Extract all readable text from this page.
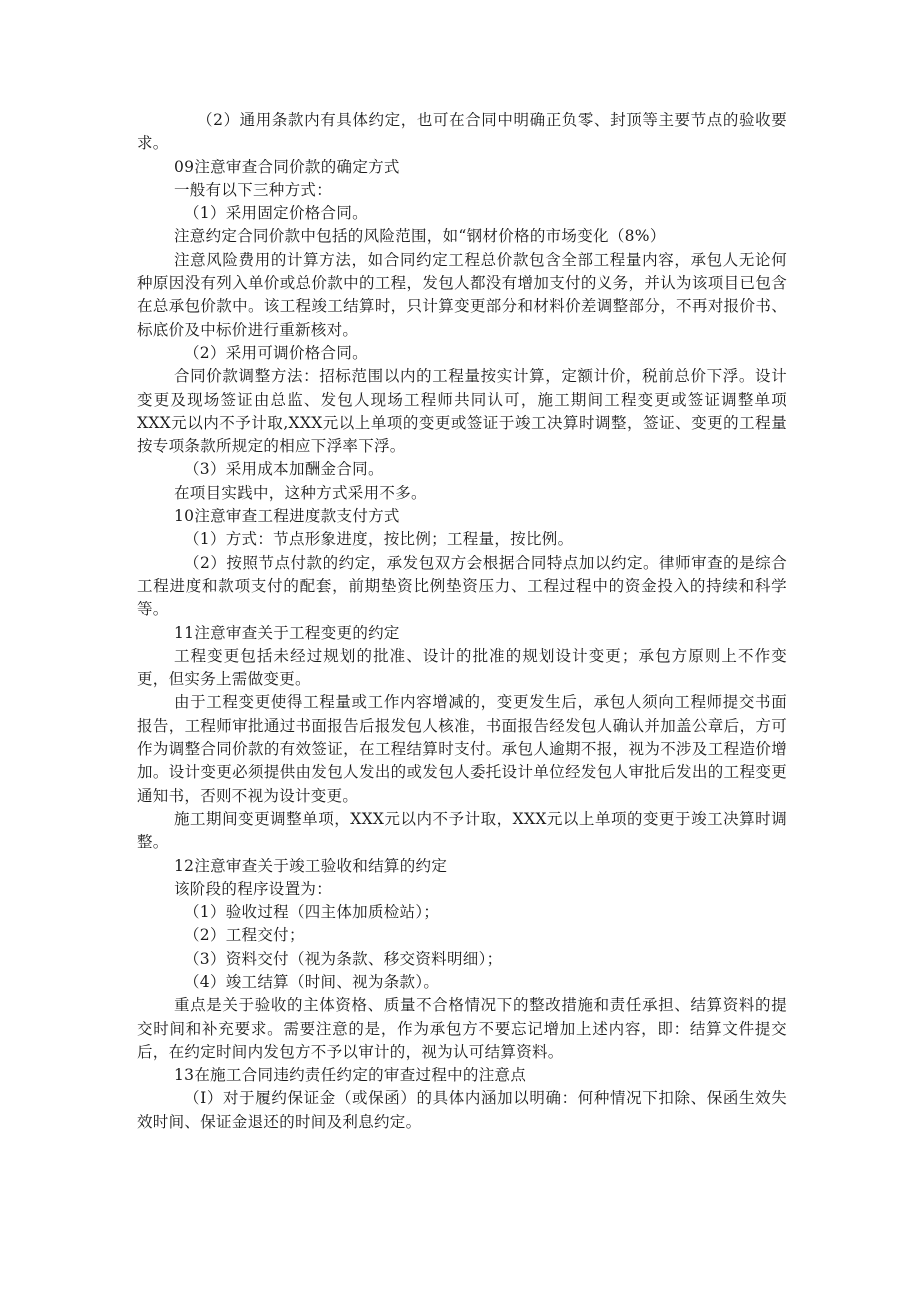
（2）通用条款内有具体约定，也可在合同中明确正负零、封顶等主要节点的验收要求。

09注意审查合同价款的确定方式

一般有以下三种方式：

（1）采用固定价格合同。

注意约定合同价款中包括的风险范围，如“钢材价格的市场变化（8%）

注意风险费用的计算方法，如合同约定工程总价款包含全部工程量内容，承包人无论何种原因没有列入单价或总价款中的工程，发包人都没有增加支付的义务，并认为该项目已包含在总承包价款中。该工程竣工结算时，只计算变更部分和材料价差调整部分，不再对报价书、标底价及中标价进行重新核对。

（2）采用可调价格合同。

合同价款调整方法：招标范围以内的工程量按实计算，定额计价，税前总价下浮。设计变更及现场签证由总监、发包人现场工程师共同认可，施工期间工程变更或签证调整单项XXX元以内不予计取,XXX元以上单项的变更或签证于竣工决算时调整，签证、变更的工程量按专项条款所规定的相应下浮率下浮。

（3）采用成本加酬金合同。

在项目实践中，这种方式采用不多。

10注意审查工程进度款支付方式

（1）方式：节点形象进度，按比例；工程量，按比例。

（2）按照节点付款的约定，承发包双方会根据合同特点加以约定。律师审查的是综合工程进度和款项支付的配套，前期垫资比例垫资压力、工程过程中的资金投入的持续和科学等。

11注意审查关于工程变更的约定

工程变更包括未经过规划的批准、设计的批准的规划设计变更；承包方原则上不作变更，但实务上需做变更。

由于工程变更使得工程量或工作内容增减的，变更发生后，承包人须向工程师提交书面报告，工程师审批通过书面报告后报发包人核准，书面报告经发包人确认并加盖公章后，方可作为调整合同价款的有效签证，在工程结算时支付。承包人逾期不报，视为不涉及工程造价增加。设计变更必须提供由发包人发出的或发包人委托设计单位经发包人审批后发出的工程变更通知书，否则不视为设计变更。

施工期间变更调整单项，XXX元以内不予计取，XXX元以上单项的变更于竣工决算时调整。

12注意审查关于竣工验收和结算的约定

该阶段的程序设置为：

（1）验收过程（四主体加质检站）；

（2）工程交付；

（3）资料交付（视为条款、移交资料明细）；

（4）竣工结算（时间、视为条款）。

重点是关于验收的主体资格、质量不合格情况下的整改措施和责任承担、结算资料的提交时间和补充要求。需要注意的是，作为承包方不要忘记增加上述内容，即：结算文件提交后，在约定时间内发包方不予以审计的，视为认可结算资料。

13在施工合同违约责任约定的审查过程中的注意点

（I）对于履约保证金（或保函）的具体内涵加以明确：何种情况下扣除、保函生效失效时间、保证金退还的时间及利息约定。
